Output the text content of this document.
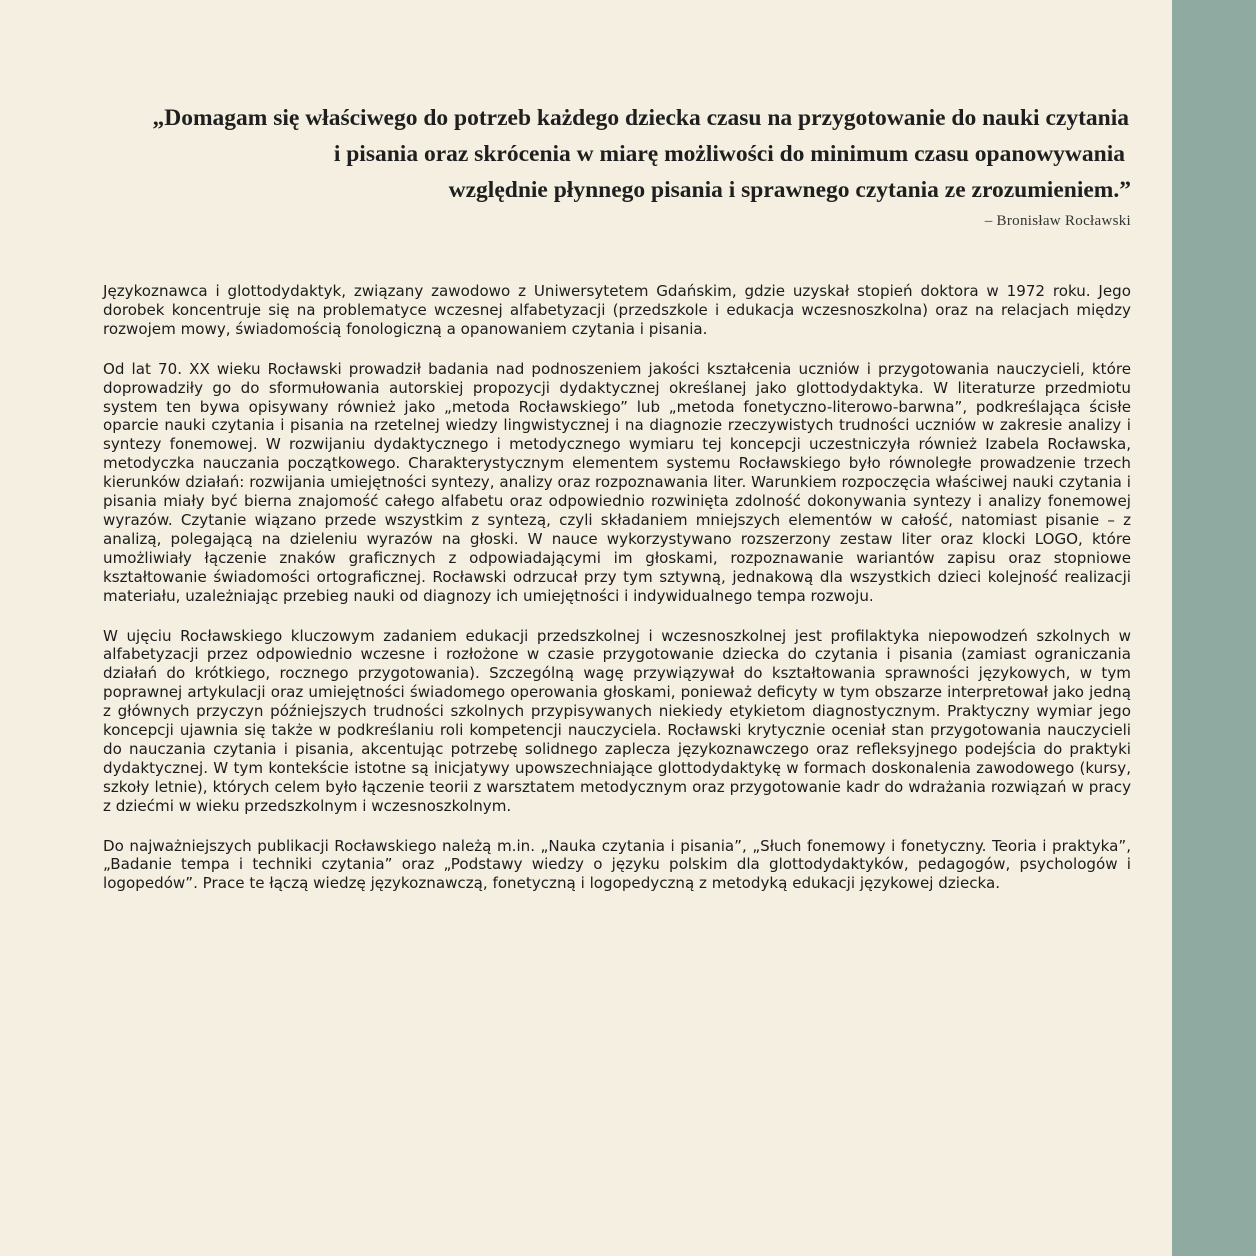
„Domagam się właściwego do potrzeb każdego dziecka czasu na przygotowanie do nauki czytania
i pisania oraz skrócenia w miarę możliwości do minimum czasu opanowywania
względnie płynnego pisania i sprawnego czytania ze zrozumieniem.”
– Bronisław Rocławski

Językoznawca i glottodydaktyk, związany zawodowo z Uniwersytetem Gdańskim, gdzie uzyskał stopień doktora w 1972 roku. Jego dorobek koncentruje się na problematyce wczesnej alfabetyzacji (przedszkole i edukacja wczesnoszkolna) oraz na relacjach między rozwojem mowy, świadomością fonologiczną a opanowaniem czytania i pisania.

Od lat 70. XX wieku Rocławski prowadził badania nad podnoszeniem jakości kształcenia uczniów i przygotowania nauczycieli, które doprowadziły go do sformułowania autorskiej propozycji dydaktycznej określanej jako glottodydaktyka. W literaturze przedmiotu system ten bywa opisywany również jako „metoda Rocławskiego” lub „metoda fonetyczno-literowo-barwna”, podkreślająca ścisłe oparcie nauki czytania i pisania na rzetelnej wiedzy lingwistycznej i na diagnozie rzeczywistych trudności uczniów w zakresie analizy i syntezy fonemowej. W rozwijaniu dydaktycznego i metodycznego wymiaru tej koncepcji uczestniczyła również Izabela Rocławska, metodyczka nauczania początkowego. Charakterystycznym elementem systemu Rocławskiego było równoległe prowadzenie trzech kierunków działań: rozwijania umiejętności syntezy, analizy oraz rozpoznawania liter. Warunkiem rozpoczęcia właściwej nauki czytania i pisania miały być bierna znajomość całego alfabetu oraz odpowiednio rozwinięta zdolność dokonywania syntezy i analizy fonemowej wyrazów. Czytanie wiązano przede wszystkim z syntezą, czyli składaniem mniejszych elementów w całość, natomiast pisanie – z analizą, polegającą na dzieleniu wyrazów na głoski. W nauce wykorzystywano rozszerzony zestaw liter oraz klocki LOGO, które umożliwiały łączenie znaków graficznych z odpowiadającymi im głoskami, rozpoznawanie wariantów zapisu oraz stopniowe kształtowanie świadomości ortograficznej. Rocławski odrzucał przy tym sztywną, jednakową dla wszystkich dzieci kolejność realizacji materiału, uzależniając przebieg nauki od diagnozy ich umiejętności i indywidualnego tempa rozwoju.

W ujęciu Rocławskiego kluczowym zadaniem edukacji przedszkolnej i wczesnoszkolnej jest profilaktyka niepowodzeń szkolnych w alfabetyzacji przez odpowiednio wczesne i rozłożone w czasie przygotowanie dziecka do czytania i pisania (zamiast ograniczania działań do krótkiego, rocznego przygotowania). Szczególną wagę przywiązywał do kształtowania sprawności językowych, w tym poprawnej artykulacji oraz umiejętności świadomego operowania głoskami, ponieważ deficyty w tym obszarze interpretował jako jedną z głównych przyczyn późniejszych trudności szkolnych przypisywanych niekiedy etykietom diagnostycznym. Praktyczny wymiar jego koncepcji ujawnia się także w podkreślaniu roli kompetencji nauczyciela. Rocławski krytycznie oceniał stan przygotowania nauczycieli do nauczania czytania i pisania, akcentując potrzebę solidnego zaplecza językoznawczego oraz refleksyjnego podejścia do praktyki dydaktycznej. W tym kontekście istotne są inicjatywy upowszechniające glottodydaktykę w formach doskonalenia zawodowego (kursy, szkoły letnie), których celem było łączenie teorii z warsztatem metodycznym oraz przygotowanie kadr do wdrażania rozwiązań w pracy z dziećmi w wieku przedszkolnym i wczesnoszkolnym.

Do najważniejszych publikacji Rocławskiego należą m.in. „Nauka czytania i pisania”, „Słuch fonemowy i fonetyczny. Teoria i praktyka”, „Badanie tempa i techniki czytania” oraz „Podstawy wiedzy o języku polskim dla glottodydaktyków, pedagogów, psychologów i logopedów”. Prace te łączą wiedzę językoznawczą, fonetyczną i logopedyczną z metodyką edukacji językowej dziecka.
